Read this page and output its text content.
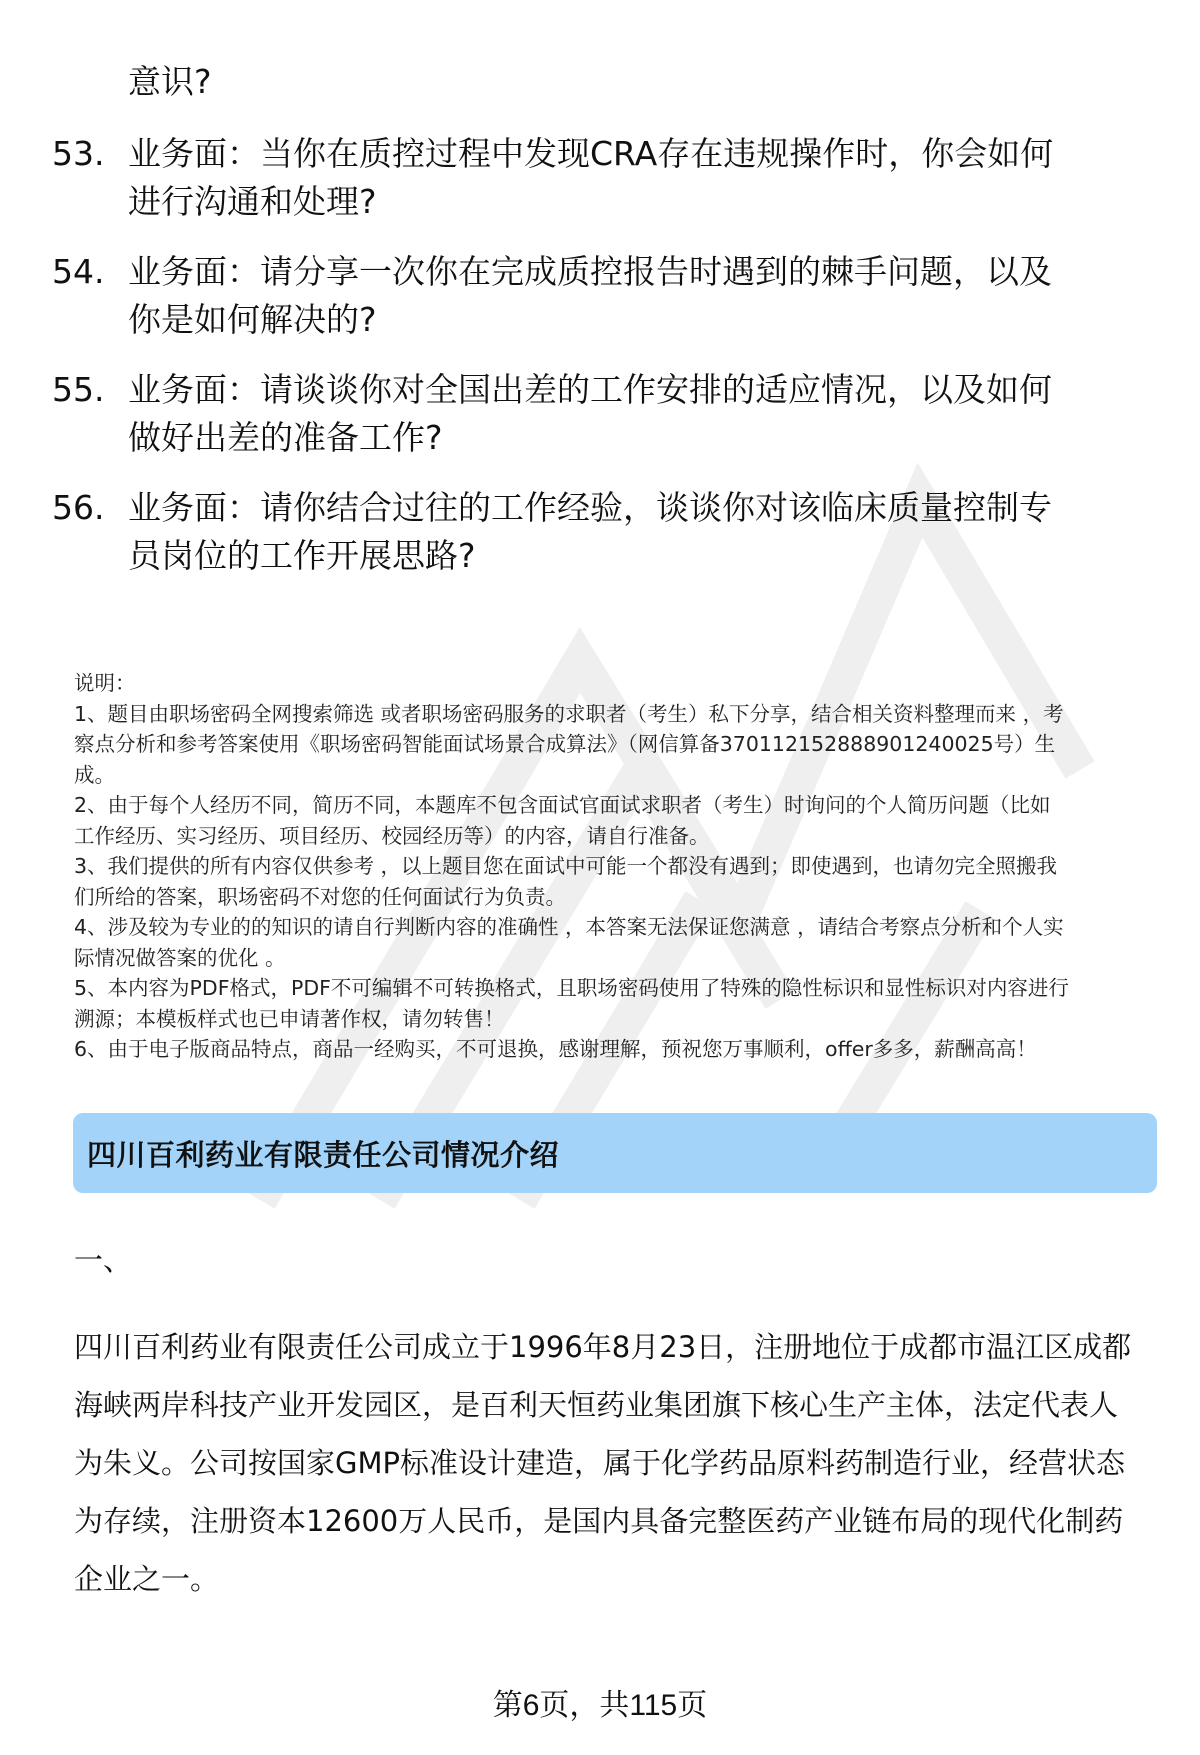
意识?
53. 业务面：当你在质控过程中发现CRA存在违规操作时，你会如何
进行沟通和处理?
54. 业务面：请分享一次你在完成质控报告时遇到的棘手问题，以及
你是如何解决的?
55. 业务面：请谈谈你对全国出差的工作安排的适应情况，以及如何
做好出差的准备工作?
56. 业务面：请你结合过往的工作经验，谈谈你对该临床质量控制专
员岗位的工作开展思路?
说明：
1、题目由职场密码全网搜索筛选 或者职场密码服务的求职者（考生）私下分享，结合相关资料整理而来 ，考
察点分析和参考答案使用《职场密码智能面试场景合成算法》（网信算备370112152888901240025号）生
成。
2、由于每个人经历不同，简历不同，本题库不包含面试官面试求职者（考生）时询问的个人简历问题（比如
工作经历、实习经历、项目经历、校园经历等）的内容，请自行准备。
3、我们提供的所有内容仅供参考 ，以上题目您在面试中可能一个都没有遇到；即使遇到，也请勿完全照搬我
们所给的答案，职场密码不对您的任何面试行为负责。
4、涉及较为专业的的知识的请自行判断内容的准确性 ，本答案无法保证您满意 ，请结合考察点分析和个人实
际情况做答案的优化 。
5、本内容为PDF格式，PDF不可编辑不可转换格式，且职场密码使用了特殊的隐性标识和显性标识对内容进行
溯源；本模板样式也已申请著作权，请勿转售！
6、由于电子版商品特点，商品一经购买，不可退换，感谢理解，预祝您万事顺利，offer多多，薪酬高高！
四川百利药业有限责任公司情况介绍
一、
四川百利药业有限责任公司成立于1996年8月23日，注册地位于成都市温江区成都
海峡两岸科技产业开发园区，是百利天恒药业集团旗下核心生产主体，法定代表人
为朱义。公司按国家GMP标准设计建造，属于化学药品原料药制造行业，经营状态
为存续，注册资本12600万人民币，是国内具备完整医药产业链布局的现代化制药
企业之一。
第6页，共115页
